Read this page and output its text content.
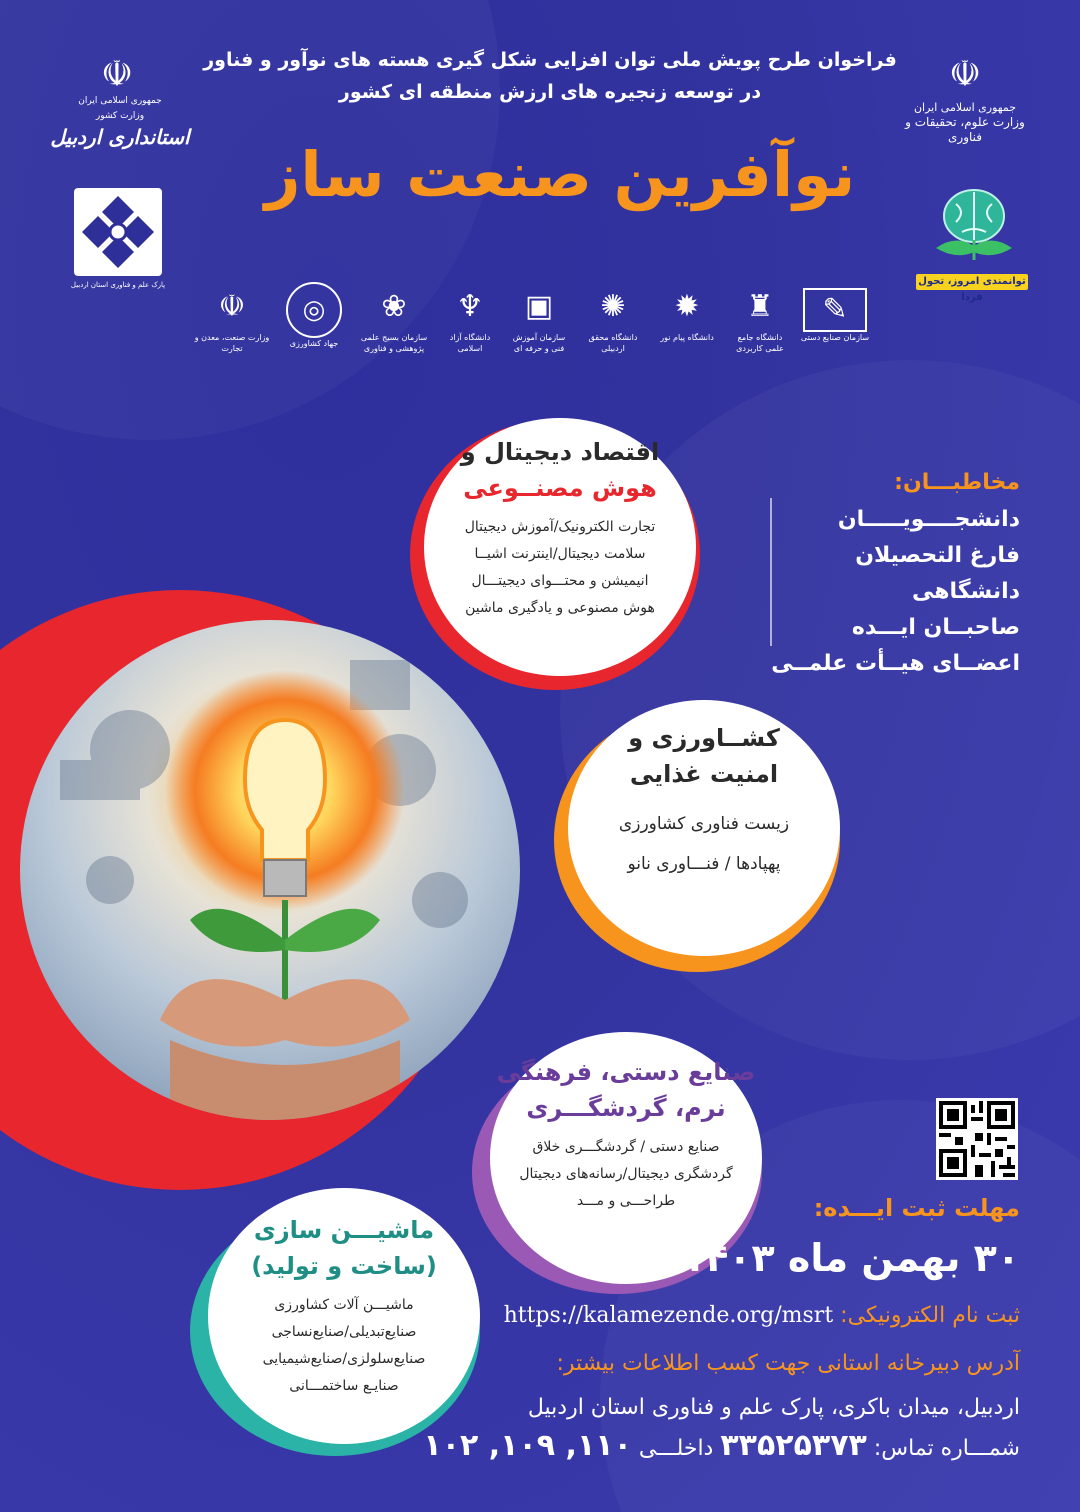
فراخوان طرح پویش ملی توان افزایی شکل گیری هسته های نوآور و فناور
در توسعه زنجیره های ارزش منطقه ای کشور
نوآفرین صنعت ساز
☫
جمهوری اسلامی ایران
وزارت علوم، تحقیقات و فناوری
☫
جمهوری اسلامی ایران
وزارت کشور
استانداری اردبیل
پارک علم و فناوری استان اردبیل	توانمندی امروز، تحول فردا
✎
سازمان صنایع دستی
♜
دانشگاه جامع علمی کاربردی
✹
دانشگاه پیام نور
✺
دانشگاه محقق اردبیلی
▣
سازمان آموزش فنی و حرفه ای
♆
دانشگاه آزاد اسلامی
❀
سازمان بسیج علمی پژوهشی و فناوری
◎
جهاد کشاورزی
☫
وزارت صنعت، معدن و تجارت
اقتصاد دیجیتال و
هوش مصنــوعی
تجارت الکترونیک/آموزش دیجیتال
سلامت دیجیتال/اینترنت اشیــا
انیمیشن و محتـــوای دیجیتـــال
هوش مصنوعی و یادگیری ماشین
کشــاورزی و
امنیت غذایی
زیست فناوری کشاورزی
پهپادها / فنـــاوری نانو
صنایع دستی، فرهنگی
نرم، گردشگـــری
صنایع دستی / گردشگـــری خلاق
گردشگری دیجیتال/رسانه‌های دیجیتال
طراحـــی و مـــد
ماشیـــن سازی
(ساخت و تولید)
ماشیـــن آلات کشاورزی
صنایع‌تبدیلی/صنایع‌نساجی
صنایع‌سلولزی/صنایع‌شیمیایی
صنایـع ساختمـــانی
مخاطبـــان:
دانشجــــویـــــان
فارغ التحصیلان دانشگاهی
صاحبــان ایـــده
اعضــای هیــأت علمــی
مهلت ثبت ایـــده:
۳۰ بهمن ماه ۱۴۰۳
ثبت نام الکترونیکی: https://kalamezende.org/msrt
آدرس دبیرخانه استانی جهت کسب اطلاعات بیشتر:
اردبیل، میدان باکری، پارک علم و فناوری استان اردبیل
شمـــاره تماس: ۳۳۵۲۵۳۷۳ داخلـــی ۱۱۰, ۱۰۹, ۱۰۲
